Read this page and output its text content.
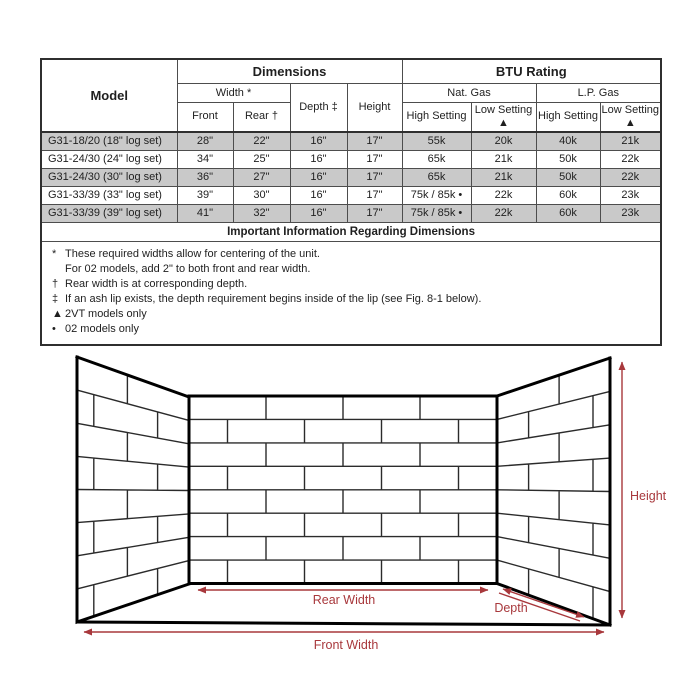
Model	Dimensions				BTU Rating			
	Width *		Depth ‡	Height	Nat. Gas		L.P. Gas	
	Front	Rear †			High Setting	Low Setting ▲	High Setting	Low Setting ▲
G31-18/20 (18" log set)	28"	22"	16"	17"	55k	20k	40k	21k
G31-24/30 (24" log set)	34"	25"	16"	17"	65k	21k	50k	22k
G31-24/30 (30" log set)	36"	27"	16"	17"	65k	21k	50k	22k
G31-33/39 (33" log set)	39"	30"	16"	17"	75k / 85k •	22k	60k	23k
G31-33/39 (39" log set)	41"	32"	16"	17"	75k / 85k •	22k	60k	23k
Important Information Regarding Dimensions								

* These required widths allow for centering of the unit.
For 02 models, add 2" to both front and rear width.
† Rear width is at corresponding depth.
‡ If an ash lip exists, the depth requirement begins inside of the lip (see Fig. 8-1 below).
▲ 2VT models only
• 02 models only
Height
Rear Width
Depth
Front Width
